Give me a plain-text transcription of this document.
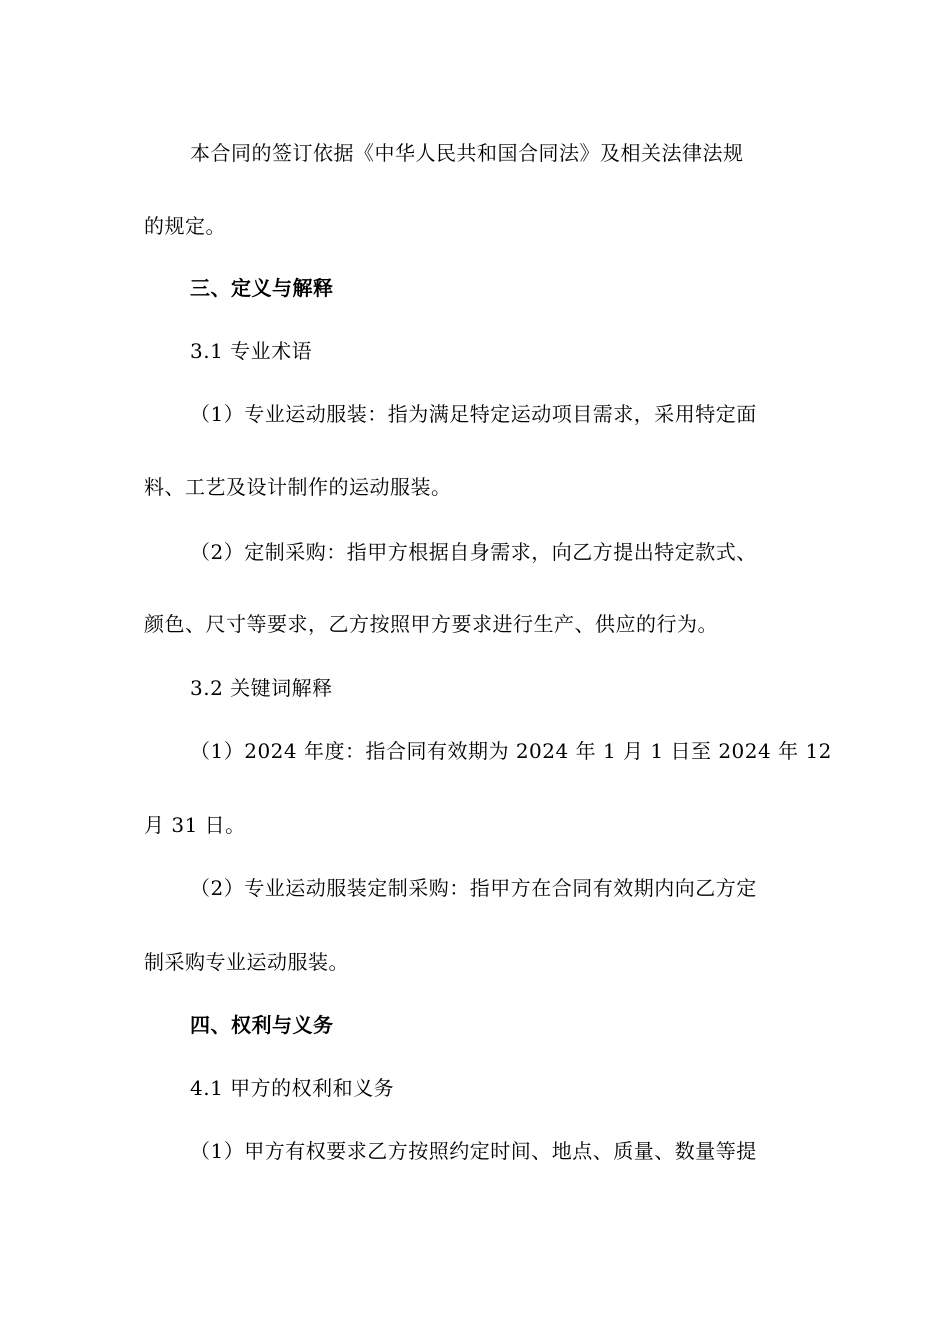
本合同的签订依据《中华人民共和国合同法》及相关法律法规
的规定。
三、定义与解释
3.1 专业术语
（1）专业运动服装：指为满足特定运动项目需求，采用特定面
料、工艺及设计制作的运动服装。
（2）定制采购：指甲方根据自身需求，向乙方提出特定款式、
颜色、尺寸等要求，乙方按照甲方要求进行生产、供应的行为。
3.2 关键词解释
（1）2024 年度：指合同有效期为 2024 年 1 月 1 日至 2024 年 12
月 31 日。
（2）专业运动服装定制采购：指甲方在合同有效期内向乙方定
制采购专业运动服装。
四、权利与义务
4.1 甲方的权利和义务
（1）甲方有权要求乙方按照约定时间、地点、质量、数量等提
